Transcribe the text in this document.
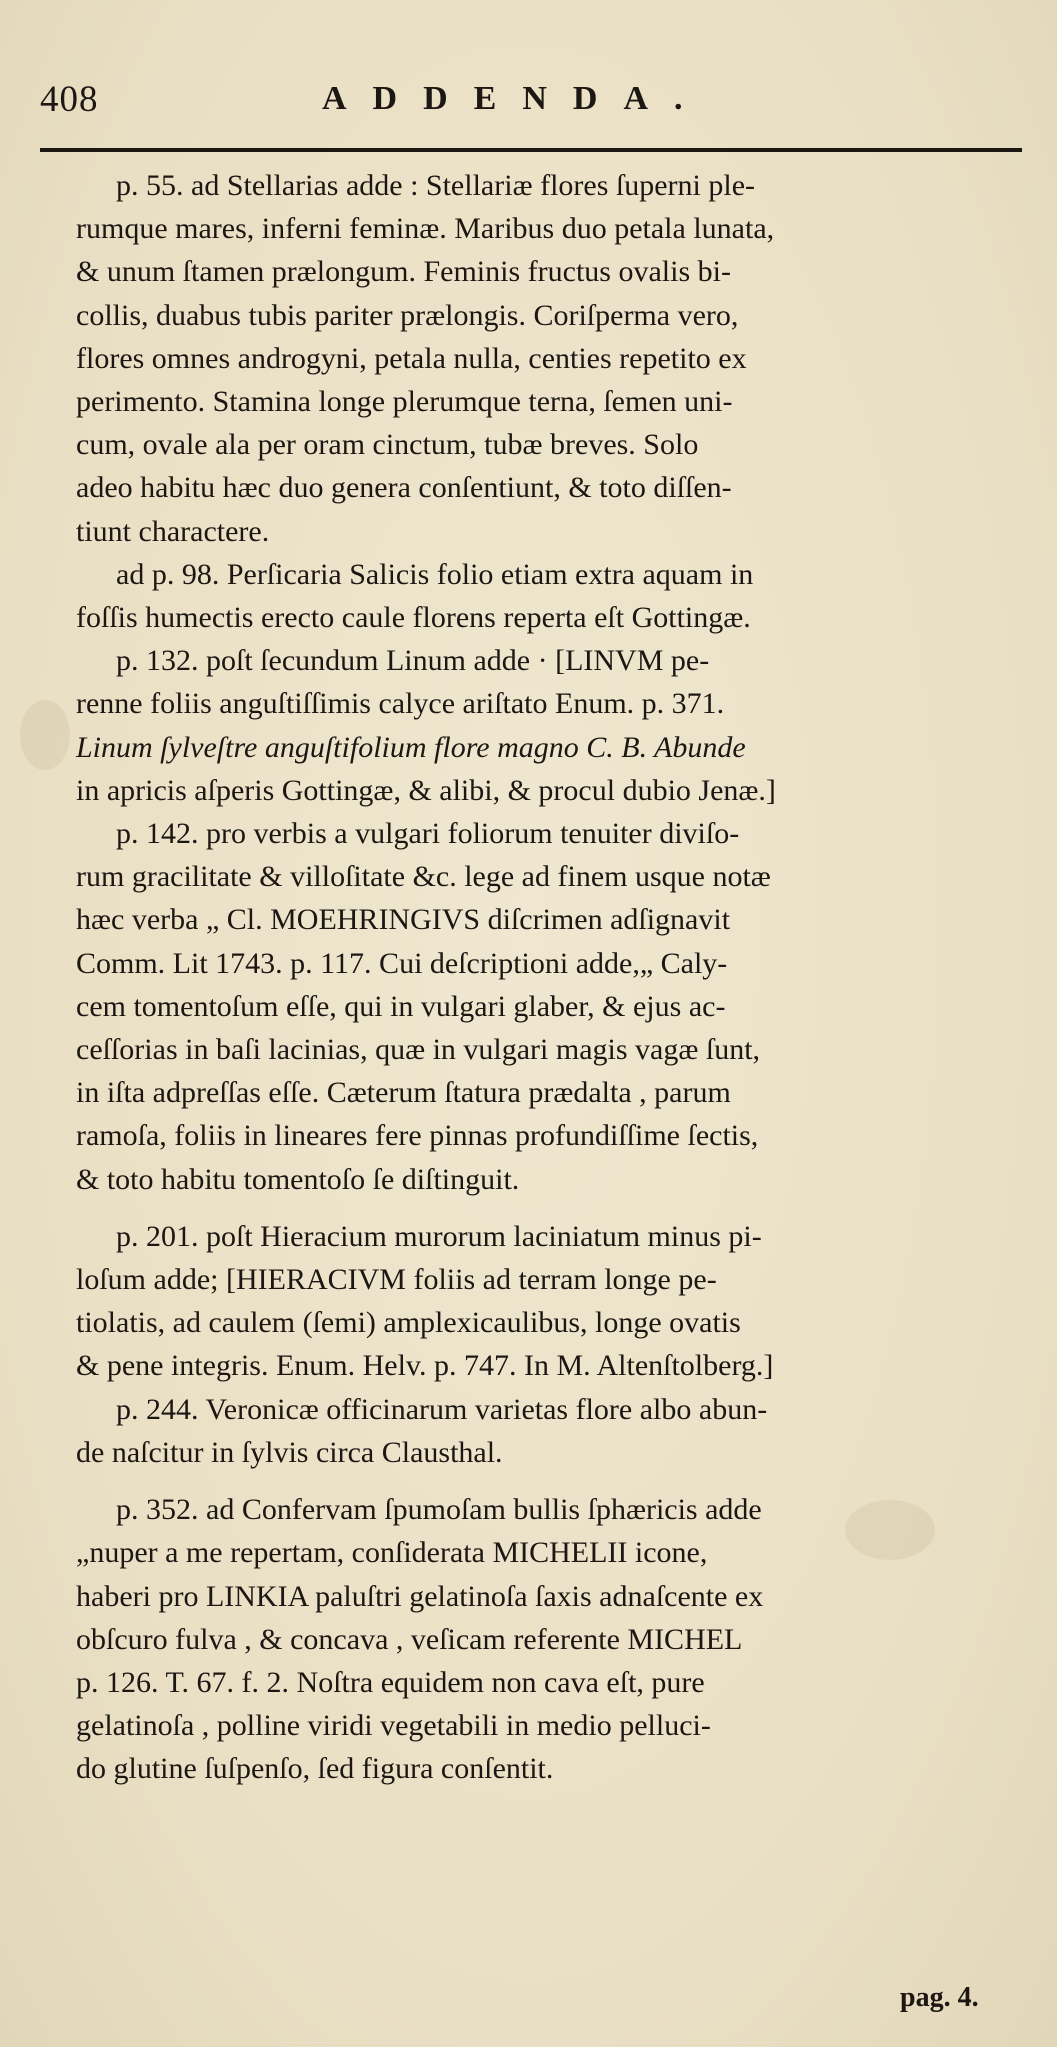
408	ADDENDA.
p. 55. ad Stellarias adde : Stellariæ flores ſuperni ple-
rumque mares, inferni feminæ. Maribus duo petala lunata,
& unum ſtamen prælongum. Feminis fructus ovalis bi-
collis, duabus tubis pariter prælongis. Coriſperma vero,
flores omnes androgyni, petala nulla, centies repetito ex
perimento. Stamina longe plerumque terna, ſemen uni-
cum, ovale ala per oram cinctum, tubæ breves. Solo
adeo habitu hæc duo genera conſentiunt, & toto diſſen-
tiunt charactere.
ad p. 98. Perſicaria Salicis folio etiam extra aquam in
foſſis humectis erecto caule florens reperta eſt Gottingæ.
p. 132. poſt ſecundum Linum adde · [LINVM pe-
renne foliis anguſtiſſimis calyce ariſtato Enum. p. 371.
Linum ſylveſtre anguſtifolium flore magno C. B. Abunde
in apricis aſperis Gottingæ, & alibi, & procul dubio Jenæ.]
p. 142. pro verbis a vulgari foliorum tenuiter diviſo-
rum gracilitate & villoſitate &c. lege ad finem usque notæ
hæc verba „ Cl. MOEHRINGIVS diſcrimen adſignavit
Comm. Lit 1743. p. 117. Cui deſcriptioni adde,„ Caly-
cem tomentoſum eſſe, qui in vulgari glaber, & ejus ac-
ceſſorias in baſi lacinias, quæ in vulgari magis vagæ ſunt,
in iſta adpreſſas eſſe. Cæterum ſtatura prædalta , parum
ramoſa, foliis in lineares fere pinnas profundiſſime ſectis,
& toto habitu tomentoſo ſe diſtinguit.
p. 201. poſt Hieracium murorum laciniatum minus pi-
loſum adde; [HIERACIVM foliis ad terram longe pe-
tiolatis, ad caulem (ſemi) amplexicaulibus, longe ovatis
& pene integris. Enum. Helv. p. 747. In M. Altenſtolberg.]
p. 244. Veronicæ officinarum varietas flore albo abun-
de naſcitur in ſylvis circa Clausthal.
p. 352. ad Confervam ſpumoſam bullis ſphæricis adde
„nuper a me repertam, conſiderata MICHELII icone,
haberi pro LINKIA paluſtri gelatinoſa ſaxis adnaſcente ex
obſcuro fulva , & concava , veſicam referente MICHEL
p. 126. T. 67. f. 2. Noſtra equidem non cava eſt, pure
gelatinoſa , polline viridi vegetabili in medio pelluci-
do glutine ſuſpenſo, ſed figura conſentit.
pag. 4.
